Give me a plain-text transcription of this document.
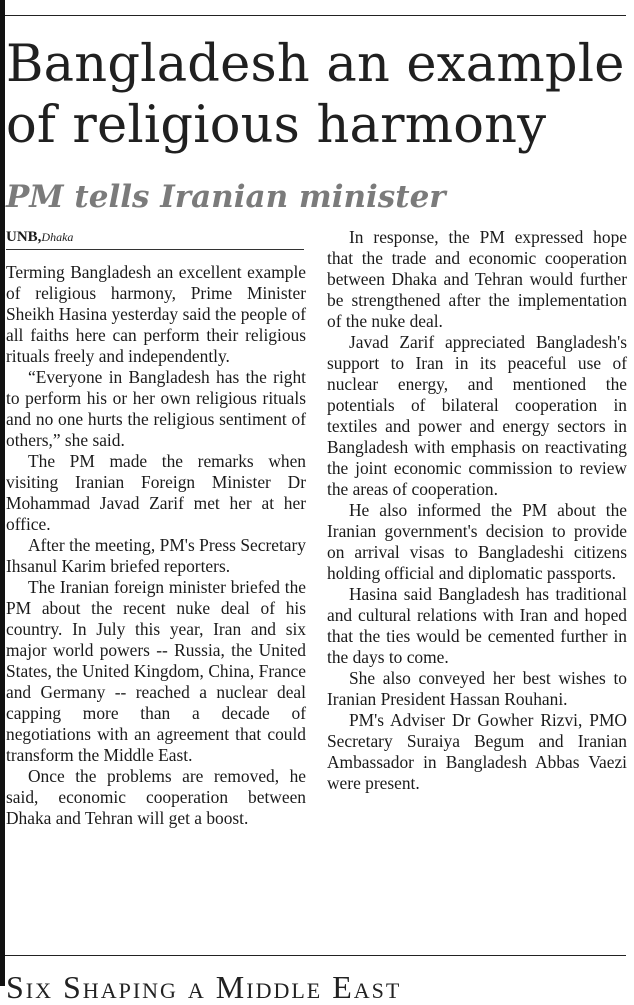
Bangladesh an example of religious harmony
PM tells Iranian minister
UNB,Dhaka

Terming Bangladesh an excellent example of religious harmony, Prime Minister Sheikh Hasina yesterday said the people of all faiths here can perform their religious rituals freely and independently.

“Everyone in Bangladesh has the right to perform his or her own religious rituals and no one hurts the religious sentiment of others,” she said.

The PM made the remarks when visiting Iranian Foreign Minister Dr Mohammad Javad Zarif met her at her office.

After the meeting, PM's Press Secretary Ihsanul Karim briefed reporters.

The Iranian foreign minister briefed the PM about the recent nuke deal of his country. In July this year, Iran and six major world powers -- Russia, the United States, the United Kingdom, China, France and Germany -- reached a nuclear deal capping more than a decade of negotiations with an agreement that could transform the Middle East.

Once the problems are removed, he said, economic cooperation between Dhaka and Tehran will get a boost.

In response, the PM expressed hope that the trade and economic cooperation between Dhaka and Tehran would further be strengthened after the implementation of the nuke deal.

Javad Zarif appreciated Bangladesh's support to Iran in its peaceful use of nuclear energy, and mentioned the potentials of bilateral cooperation in textiles and power and energy sectors in Bangladesh with emphasis on reactivating the joint economic commission to review the areas of cooperation.

He also informed the PM about the Iranian government's decision to provide on arrival visas to Bangladeshi citizens holding official and diplomatic passports.

Hasina said Bangladesh has traditional and cultural relations with Iran and hoped that the ties would be cemented further in the days to come.

She also conveyed her best wishes to Iranian President Hassan Rouhani.

PM's Adviser Dr Gowher Rizvi, PMO Secretary Suraiya Begum and Iranian Ambassador in Bangladesh Abbas Vaezi were present.

Six Shaping a Middle East
